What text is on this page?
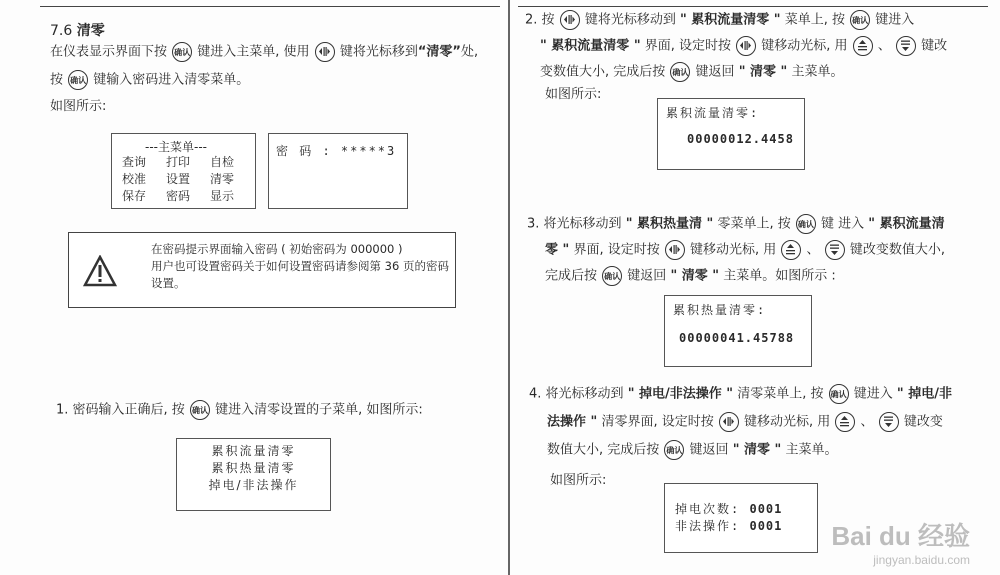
7.6 清零
在仪表显示界面下按 确认 键进入主菜单, 使用 键将光标移到“清零”处,
按 确认 键输入密码进入清零菜单。
如图所示:
---主菜单---
查询 打印 自检
校准 设置 清零
保存 密码 显示
密 码 : *****3
在密码提示界面输入密码 ( 初始密码为 000000 )
用户也可设置密码关于如何设置密码请参阅第 36 页的密码
设置。
1. 密码输入正确后, 按 确认 键进入清零设置的子菜单, 如图所示:
累积流量清零
累积热量清零
掉电/非法操作
2. 按 键将光标移动到 " 累积流量清零 " 菜单上, 按 确认 键进入
" 累积流量清零 " 界面, 设定时按 键移动光标, 用 、 键改
变数值大小, 完成后按 确认 键返回 " 清零 " 主菜单。
如图所示:
累积流量清零:
00000012.4458
3. 将光标移动到 " 累积热量清 " 零菜单上, 按 确认 键 进入 " 累积流量清
零 " 界面, 设定时按 键移动光标, 用 、 键改变数值大小,
完成后按 确认 键返回 " 清零 " 主菜单。如图所示 :
累积热量清零:
00000041.45788
4. 将光标移动到 " 掉电/非法操作 " 清零菜单上, 按 确认 键进入 " 掉电/非
法操作 " 清零界面, 设定时按 键移动光标, 用 、 键改变
数值大小, 完成后按 确认 键返回 " 清零 " 主菜单。
如图所示:
掉电次数: 0001
非法操作: 0001 Bai du 经验
jingyan.baidu.com
